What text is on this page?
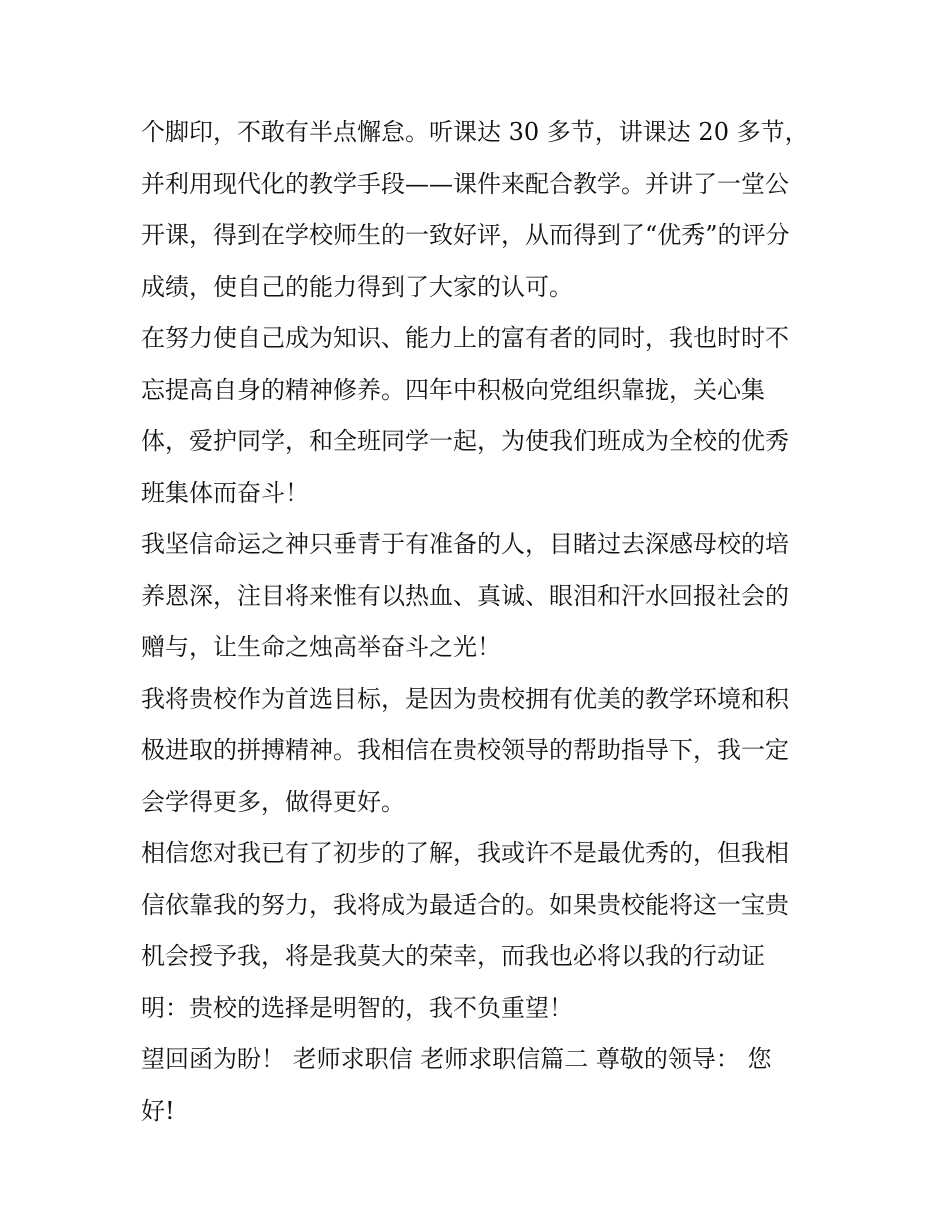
个脚印，不敢有半点懈怠。听课达 30 多节，讲课达 20 多节，
并利用现代化的教学手段——课件来配合教学。并讲了一堂公
开课，得到在学校师生的一致好评，从而得到了“优秀”的评分
成绩，使自己的能力得到了大家的认可。
在努力使自己成为知识、能力上的富有者的同时，我也时时不
忘提高自身的精神修养。四年中积极向党组织靠拢，关心集
体，爱护同学，和全班同学一起，为使我们班成为全校的优秀
班集体而奋斗！
我坚信命运之神只垂青于有准备的人，目睹过去深感母校的培
养恩深，注目将来惟有以热血、真诚、眼泪和汗水回报社会的
赠与，让生命之烛高举奋斗之光！
我将贵校作为首选目标，是因为贵校拥有优美的教学环境和积
极进取的拼搏精神。我相信在贵校领导的帮助指导下，我一定
会学得更多，做得更好。
相信您对我已有了初步的了解，我或许不是最优秀的，但我相
信依靠我的努力，我将成为最适合的。如果贵校能将这一宝贵
机会授予我，将是我莫大的荣幸，而我也必将以我的行动证
明：贵校的选择是明智的，我不负重望！
望回函为盼！ 老师求职信 老师求职信篇二 尊敬的领导： 您
好!
